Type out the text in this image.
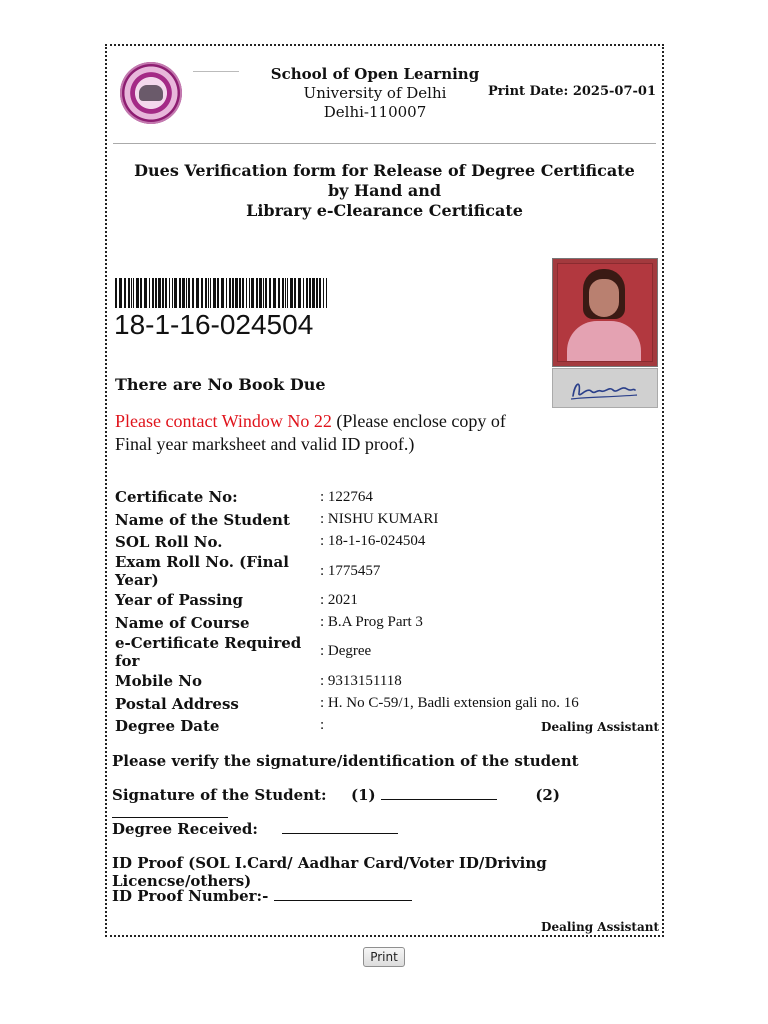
School of Open Learning
University of Delhi
Delhi-110007
Print Date: 2025-07-01
Dues Verification form for Release of Degree Certificate by Hand and
Library e-Clearance Certificate
18-1-16-024504
There are No Book Due
Please contact Window No 22 (Please enclose copy of Final year marksheet and valid ID proof.)
Certificate No:	: 122764
Name of the Student	: NISHU KUMARI
SOL Roll No.	: 18-1-16-024504
Exam Roll No. (Final Year)	: 1775457
Year of Passing	: 2021
Name of Course	: B.A Prog Part 3
e-Certificate Required for	: Degree
Mobile No	: 9313151118
Postal Address	: H. No C-59/1, Badli extension gali no. 16
Degree Date	:	Dealing Assistant
Please verify the signature/identification of the student
Signature of the Student: (1)	(2)
Degree Received:
ID Proof (SOL I.Card/ Aadhar Card/Voter ID/Driving Licencse/others)
ID Proof Number:-
Dealing Assistant
Print
